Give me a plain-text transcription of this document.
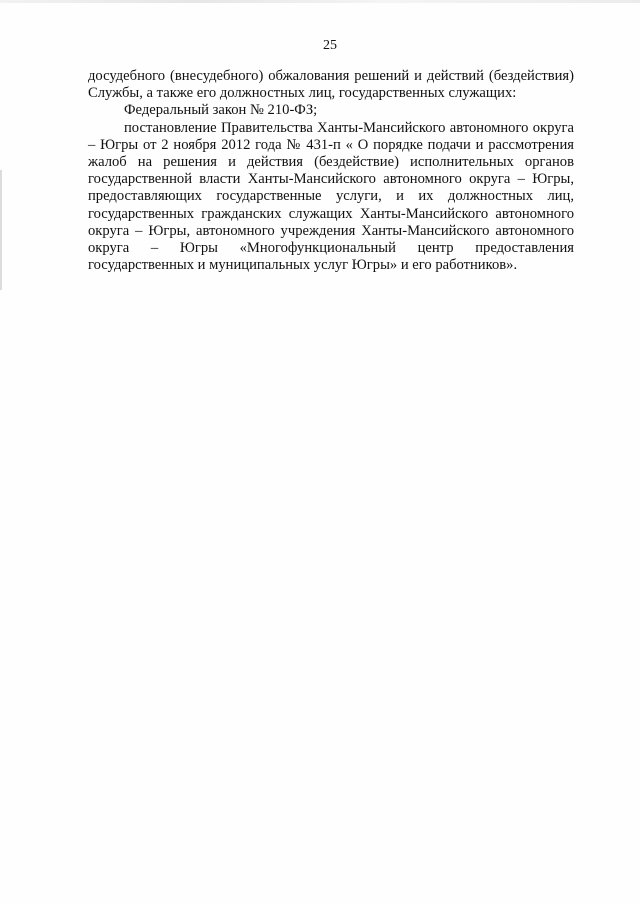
25

досудебного (внесудебного) обжалования решений и действий (бездействия) Службы, а также его должностных лиц, государственных служащих:

Федеральный закон № 210-ФЗ;

постановление Правительства Ханты-Мансийского автономного округа – Югры от 2 ноября 2012 года № 431-п « О порядке подачи и рассмотрения жалоб на решения и действия (бездействие) исполнительных органов государственной власти Ханты-Мансийского автономного округа – Югры, предоставляющих государственные услуги, и их должностных лиц, государственных гражданских служащих Ханты-Мансийского автономного округа – Югры, автономного учреждения Ханты-Мансийского автономного округа – Югры «Многофункциональный центр предоставления государственных и муниципальных услуг Югры» и его работников».
